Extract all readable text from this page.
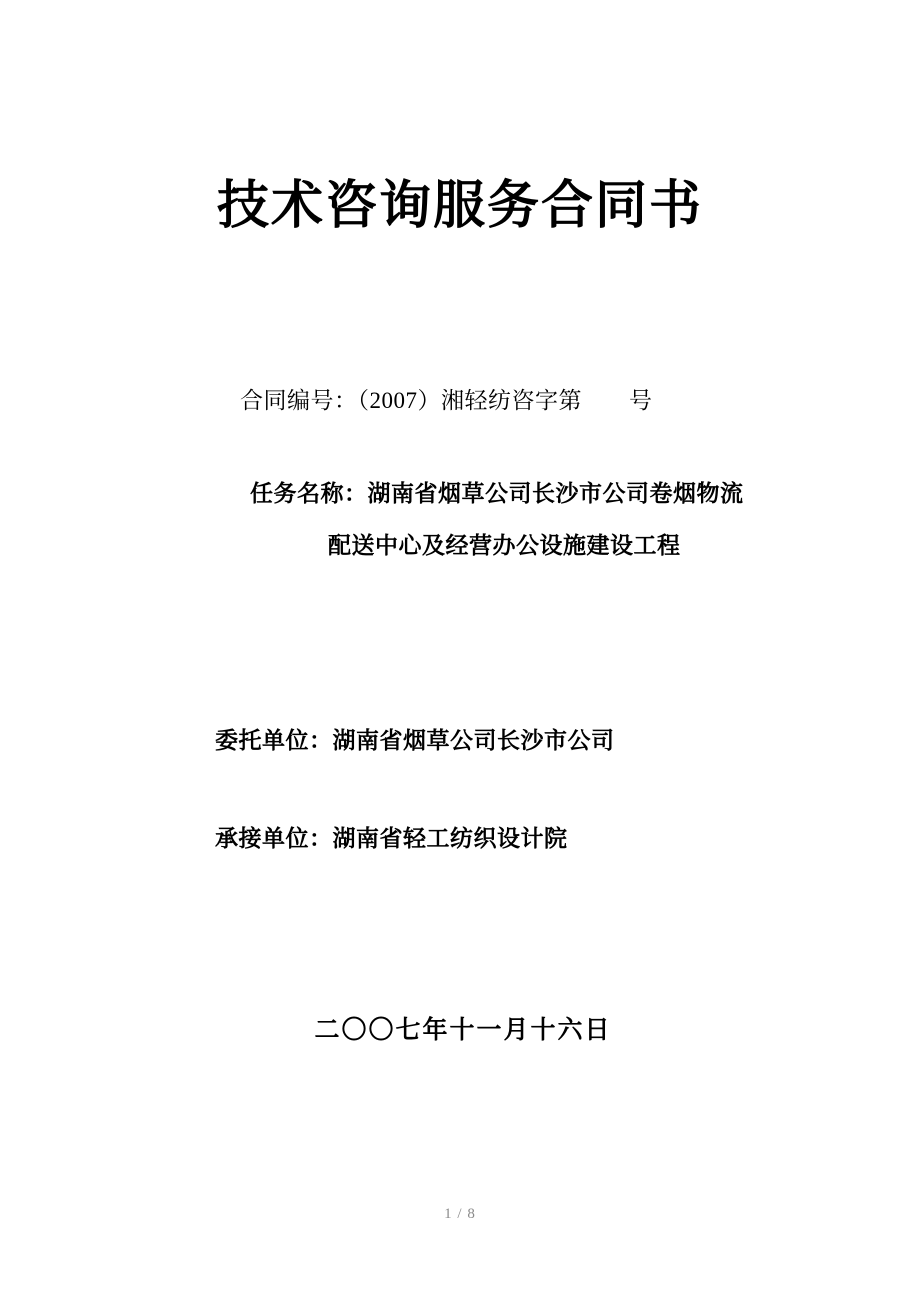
技术咨询服务合同书
合同编号：（2007）湘轻纺咨字第　　号
任务名称：湖南省烟草公司长沙市公司卷烟物流
配送中心及经营办公设施建设工程
委托单位：湖南省烟草公司长沙市公司
承接单位：湖南省轻工纺织设计院
二〇〇七年十一月十六日
1 / 8
